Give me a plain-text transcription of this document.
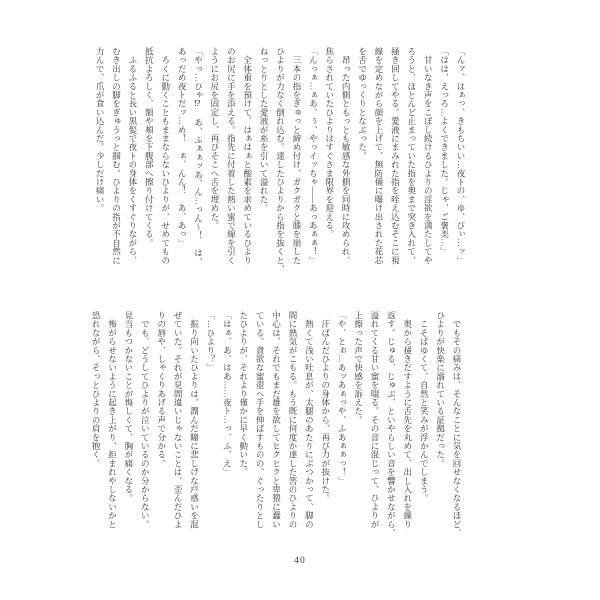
「んァ、はぁっ、きもちいい…夜トの、ゆ、びぃ…ッ」
「はは、えっろ…よくできました。じゃ、ご褒美…」
　甘いなき声をこぼし続けるひよりの淫欲を満たしてや
ろうと、ほとんど止まっていた指を奥まで突き入れて、
掻き回してやる。愛液にまみれた指を咥え込むそこに視
線を定めながら顔を上げて、無防備に曝け出された花芯
を舌でゆっくりとなぶった。
　昂った内側ともっとも敏感な外側を同時に攻められ、
焦らされていたひよりはすぐさま限界を迎える。
「んっぁ…ぁあ、ぅ、やっイッちゃ――あっあぁぁ！」
　三本の指をぎゅっと締め付け、ガクガクと膝を崩した
ひよりが力なく倒れ込む。達したひよりから指を抜くと、
ねっとりとした愛液が糸を引いて溢れた。
　全体重を預けて、はぁはぁと酸素を求めているひより
のお尻に手を添える。指先に付着した熱い蜜で線を引く
ようにお尻を固定し、再びそこへ舌を埋めた。
「やっ…ひゃ⁉　あ、ふぁぁッあ、ん…っん〜！　は、
あっだめ夜トだッ…め！　ぁ、んん！　あ、あっ」
　ろくに動くこともままならないひよりが、せめてもの
抵抗よろしく、額や頬を下腹部へ擦り付けてくる。
　ふるふると長い黒髪で夜トの身体をくすぐりながら、
むき出しの脚をぎゅうっと掴む。ひよりの指が不自然に
力んで、爪が食い込んだ。少しだけ痛い。
　でもその痛みは、そんなことに気を回せなくなるほど、
ひよりが快楽に溺れている証拠だった。
　こそばゆくて、自然と笑みが浮かんでしまう。
　奥から掻きだすように舌先を丸めて、出し入れを繰り
返す。じゅる、じゅぷ、といやらしい音を響かせながら、
溢れてくる甘い蜜を啜る。その音に混じって、ひよりが
上擦った声で快感を訴えた。
「や、とぉ…あッあぁっや、ふあぁぁっ！」
　汗ばんだひよりの身体から、再び力が抜けた。
　熱くて浅い吐息が、太腿のあたりにぶつかって、脚の
間に熱気がこもる。もう既に何度か達した筈のひよりの
中心は、それでもまだ雄を欲してヒクヒクと卑猥に蠢い
ている。貪欲な蜜壺へ手を伸ばすものの、ぐったりとし
たひよりが、それより僅かに早く動いた。
「はぁ、あ、はあ……夜ト…っ、ふ、え」
「…ひより？」
　振り向いたひよりは、潤んだ瞳に悲しげな戸惑いを混
ぜていた。それが見間違いじゃないことは、歪んだひよ
りの唇や、しゃくりあげる声で分かる。
　でも、どうしてひよりが泣いているのか分からない。
見当もつかないことが悔しくて、胸が痛くなる。
　怖がらせないように起き上がり、拒まれやしないかと
恐れながら、そっとひよりの肩を抱く。
40
